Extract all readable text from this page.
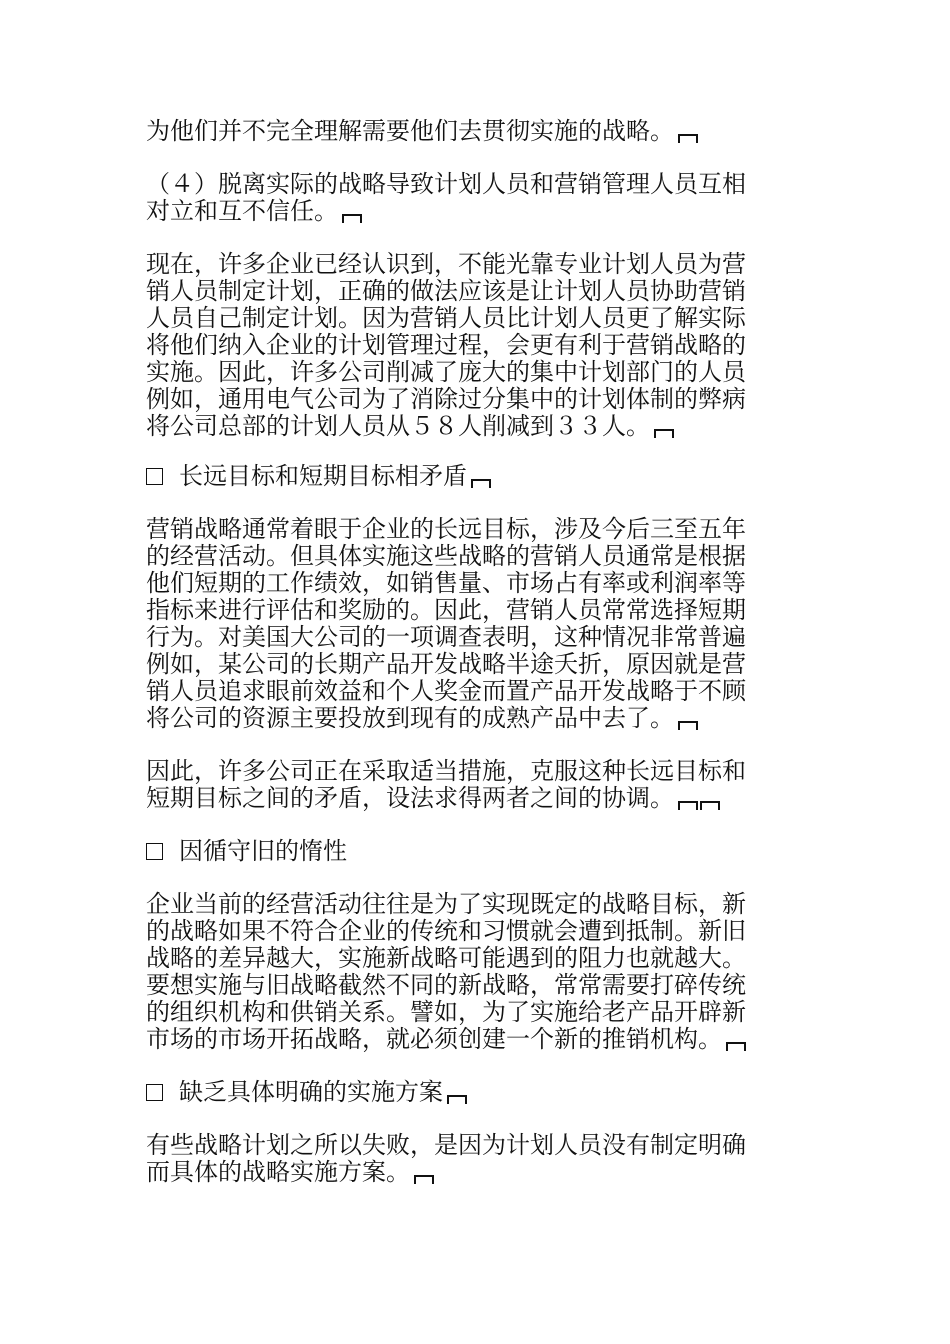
为他们并不完全理解需要他们去贯彻实施的战略。
（４）脱离实际的战略导致计划人员和营销管理人员互相
对立和互不信任。
现在，许多企业已经认识到，不能光靠专业计划人员为营
销人员制定计划，正确的做法应该是让计划人员协助营销
人员自己制定计划。因为营销人员比计划人员更了解实际
将他们纳入企业的计划管理过程，会更有利于营销战略的
实施。因此，许多公司削减了庞大的集中计划部门的人员
例如，通用电气公司为了消除过分集中的计划体制的弊病
将公司总部的计划人员从５８人削减到３３人。
长远目标和短期目标相矛盾
营销战略通常着眼于企业的长远目标，涉及今后三至五年
的经营活动。但具体实施这些战略的营销人员通常是根据
他们短期的工作绩效，如销售量、市场占有率或利润率等
指标来进行评估和奖励的。因此，营销人员常常选择短期
行为。对美国大公司的一项调查表明，这种情况非常普遍
例如，某公司的长期产品开发战略半途夭折，原因就是营
销人员追求眼前效益和个人奖金而置产品开发战略于不顾
将公司的资源主要投放到现有的成熟产品中去了。
因此，许多公司正在采取适当措施，克服这种长远目标和
短期目标之间的矛盾，设法求得两者之间的协调。
因循守旧的惰性
企业当前的经营活动往往是为了实现既定的战略目标，新
的战略如果不符合企业的传统和习惯就会遭到抵制。新旧
战略的差异越大，实施新战略可能遇到的阻力也就越大。
要想实施与旧战略截然不同的新战略，常常需要打碎传统
的组织机构和供销关系。譬如，为了实施给老产品开辟新
市场的市场开拓战略，就必须创建一个新的推销机构。
缺乏具体明确的实施方案
有些战略计划之所以失败，是因为计划人员没有制定明确
而具体的战略实施方案。
